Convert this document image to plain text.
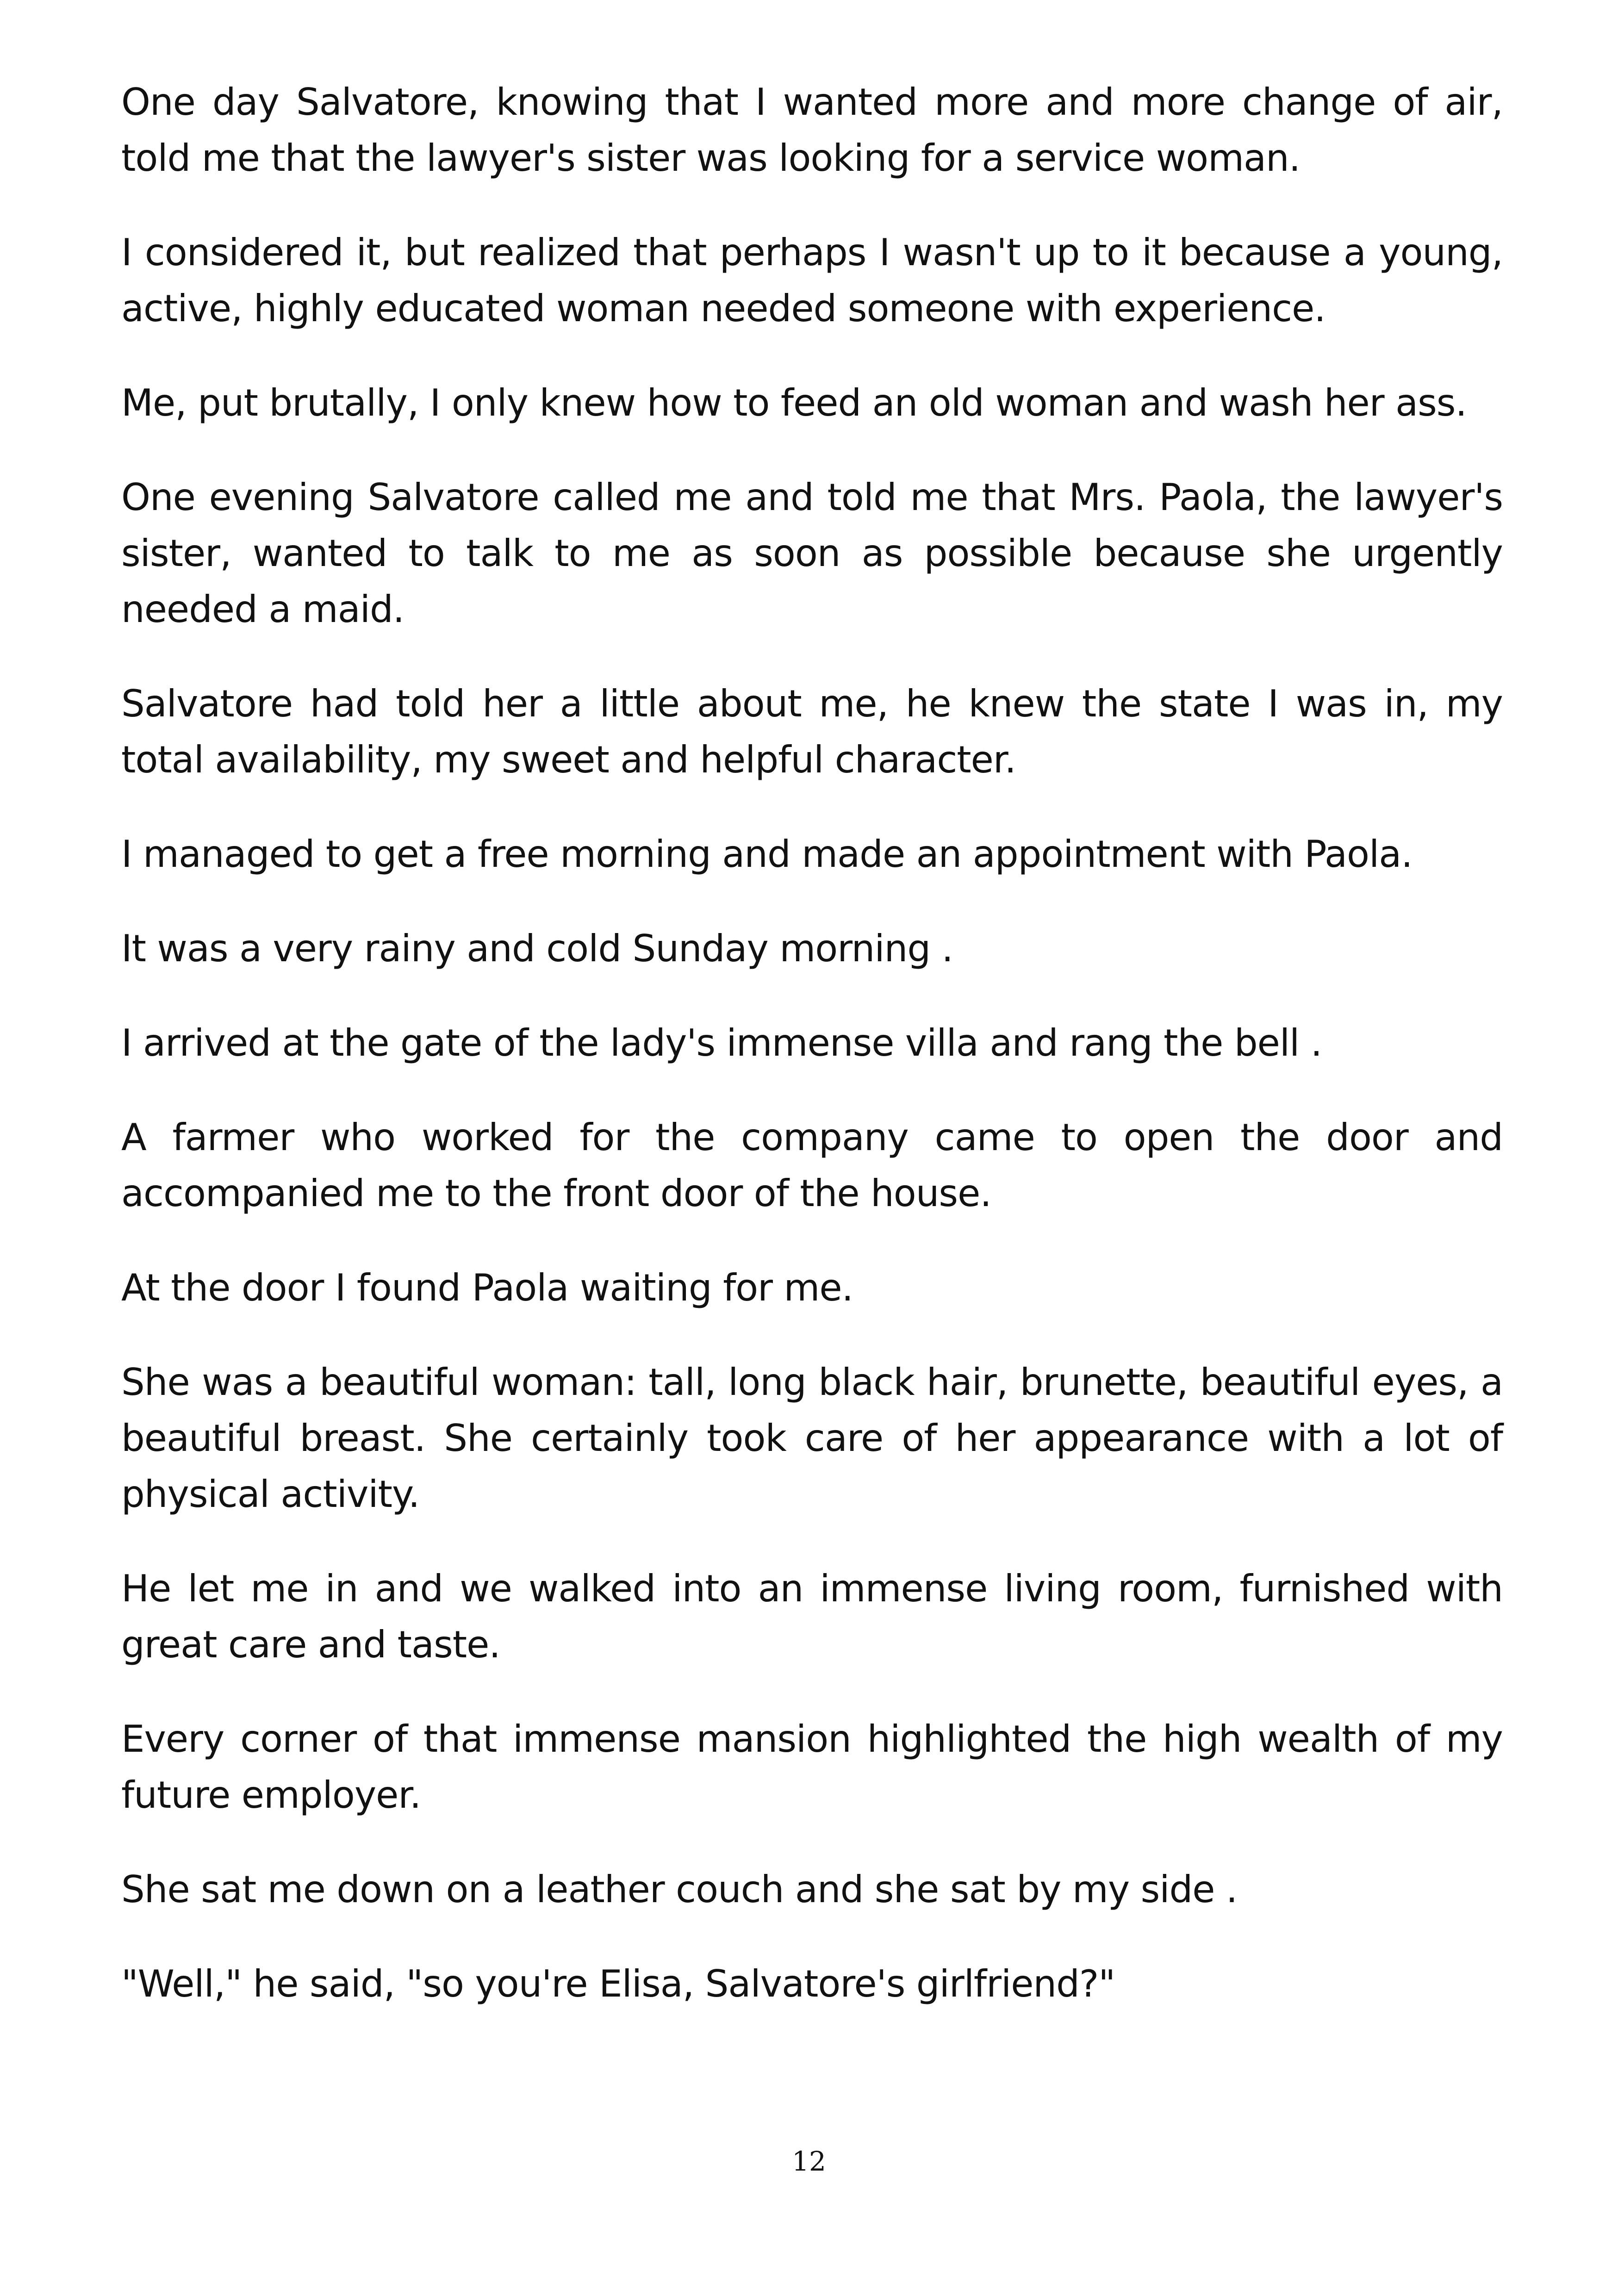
One day Salvatore, knowing that I wanted more and more change of air, told me that the lawyer's sister was looking for a service woman.

I considered it, but realized that perhaps I wasn't up to it because a young, active, highly educated woman needed someone with experience.

Me, put brutally, I only knew how to feed an old woman and wash her ass.

One evening Salvatore called me and told me that Mrs. Paola, the lawyer's sister, wanted to talk to me as soon as possible because she urgently needed a maid.

Salvatore had told her a little about me, he knew the state I was in, my total availability, my sweet and helpful character.

I managed to get a free morning and made an appointment with Paola.

It was a very rainy and cold Sunday morning .

I arrived at the gate of the lady's immense villa and rang the bell .

A farmer who worked for the company came to open the door and accompanied me to the front door of the house.

At the door I found Paola waiting for me.

She was a beautiful woman: tall, long black hair, brunette, beautiful eyes, a beautiful breast. She certainly took care of her appearance with a lot of physical activity.

He let me in and we walked into an immense living room, furnished with great care and taste.

Every corner of that immense mansion highlighted the high wealth of my future employer.

She sat me down on a leather couch and she sat by my side .

"Well," he said, "so you're Elisa, Salvatore's girlfriend?"

12
